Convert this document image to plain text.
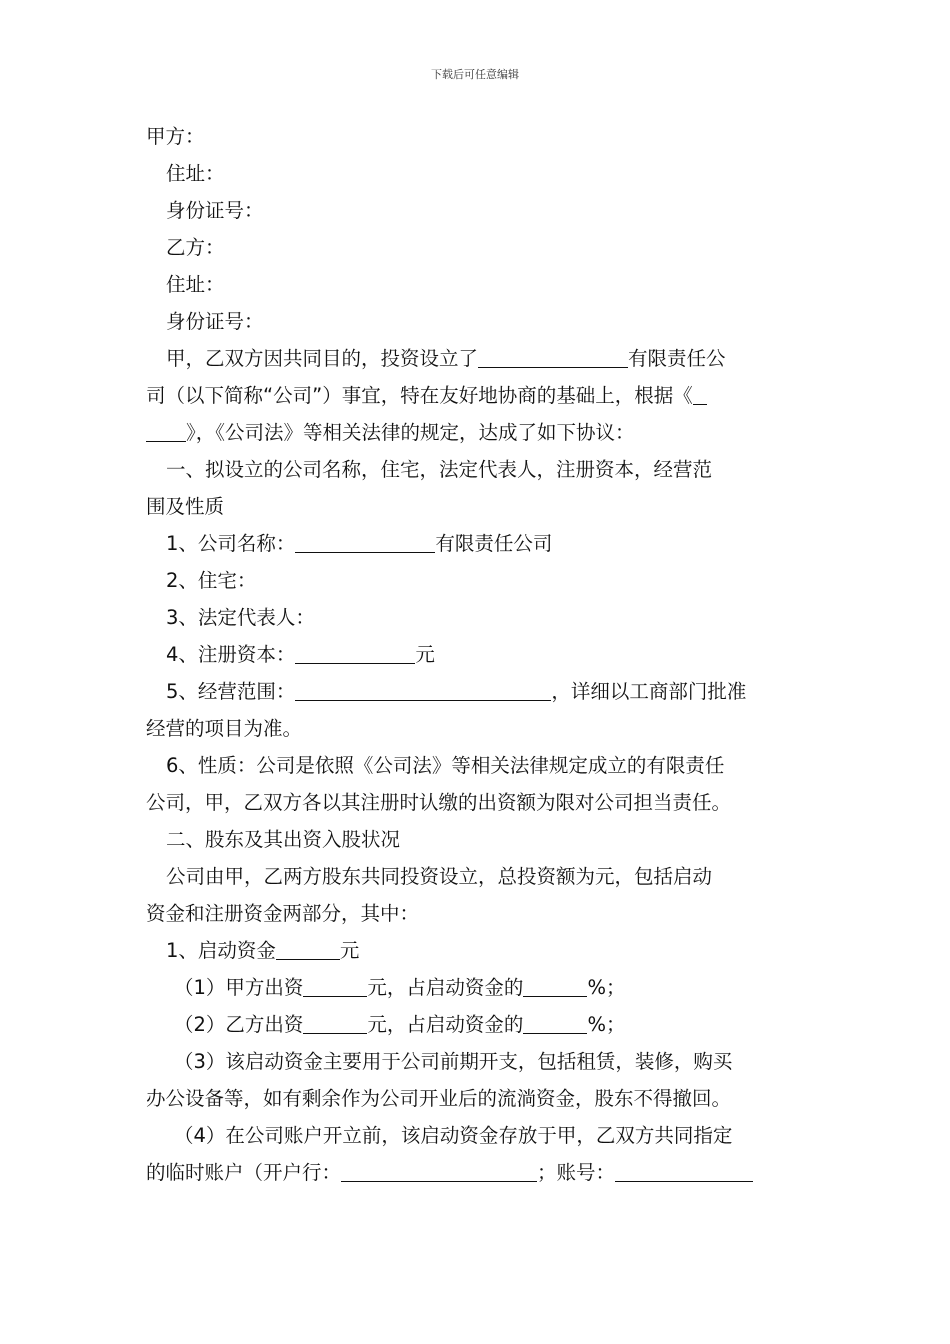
下载后可任意编辑

甲方：

住址：

身份证号：

乙方：

住址：

身份证号：

甲，乙双方因共同目的，投资设立了	有限责任公

司（以下简称“公司”）事宜，特在友好地协商的基础上，根据《

》，《公司法》等相关法律的规定，达成了如下协议：

一、拟设立的公司名称，住宅，法定代表人，注册资本，经营范

围及性质

1、公司名称：	有限责任公司

2、住宅：

3、法定代表人：

4、注册资本：	元

5、经营范围：	，详细以工商部门批准

经营的项目为准。

6、性质：公司是依照《公司法》等相关法律规定成立的有限责任

公司，甲，乙双方各以其注册时认缴的出资额为限对公司担当责任。

二、股东及其出资入股状况

公司由甲，乙两方股东共同投资设立，总投资额为元，包括启动

资金和注册资金两部分，其中：

1、启动资金	元

（1）甲方出资	元，占启动资金的	%；

（2）乙方出资	元，占启动资金的	%；

（3）该启动资金主要用于公司前期开支，包括租赁，装修，购买

办公设备等，如有剩余作为公司开业后的流淌资金，股东不得撤回。

（4）在公司账户开立前，该启动资金存放于甲，乙双方共同指定

的临时账户（开户行：	；账号：
